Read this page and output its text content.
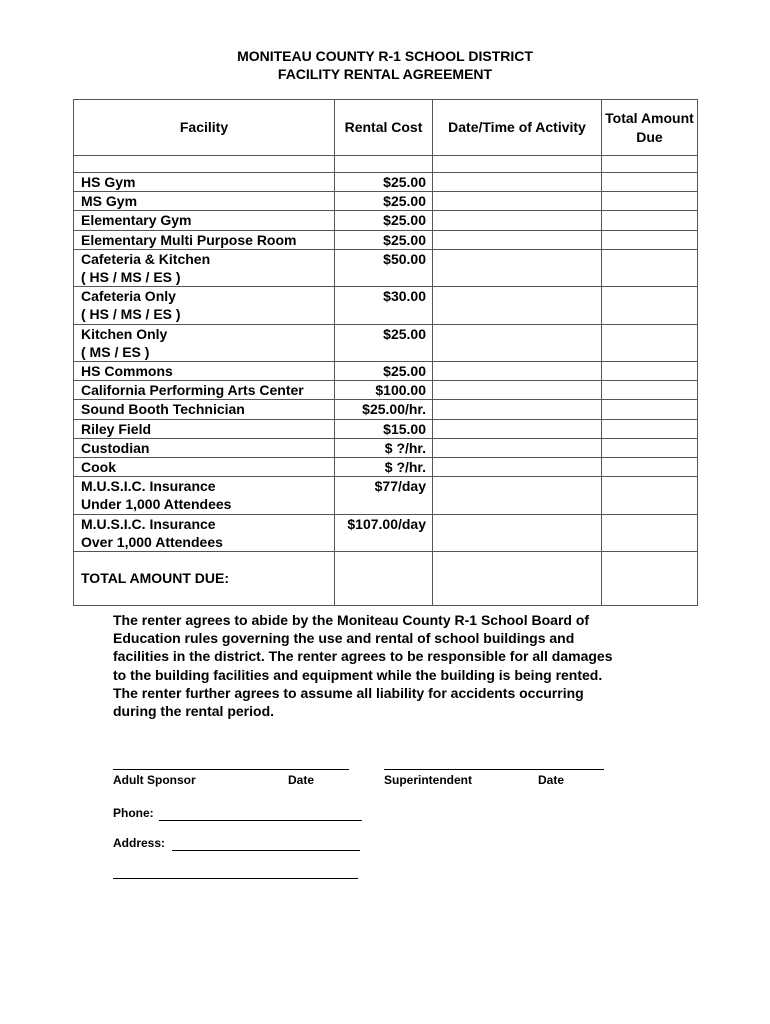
MONITEAU COUNTY R-1 SCHOOL DISTRICT
FACILITY RENTAL AGREEMENT
Facility	Rental Cost	Date/Time of Activity	Total Amount Due

HS Gym	$25.00		

MS Gym	$25.00		

Elementary Gym	$25.00		

Elementary Multi Purpose Room	$25.00		

Cafeteria & Kitchen
( HS / MS / ES )	$50.00		

Cafeteria Only
( HS / MS / ES )	$30.00		

Kitchen Only
( MS / ES )	$25.00		

HS Commons	$25.00		

California Performing Arts Center	$100.00		

Sound Booth Technician	$25.00/hr.		

Riley Field	$15.00		

Custodian	$ ?/hr.		

Cook	$ ?/hr.		

M.U.S.I.C. Insurance
Under 1,000 Attendees	$77/day		

M.U.S.I.C. Insurance
Over 1,000 Attendees	$107.00/day		
TOTAL AMOUNT DUE:			
The renter agrees to abide by the Moniteau County R-1 School Board of
Education rules governing the use and rental of school buildings and
facilities in the district. The renter agrees to be responsible for all damages
to the building facilities and equipment while the building is being rented.
The renter further agrees to assume all liability for accidents occurring
during the rental period.
Adult Sponsor	Date	Superintendent	Date
Phone:
Address:
